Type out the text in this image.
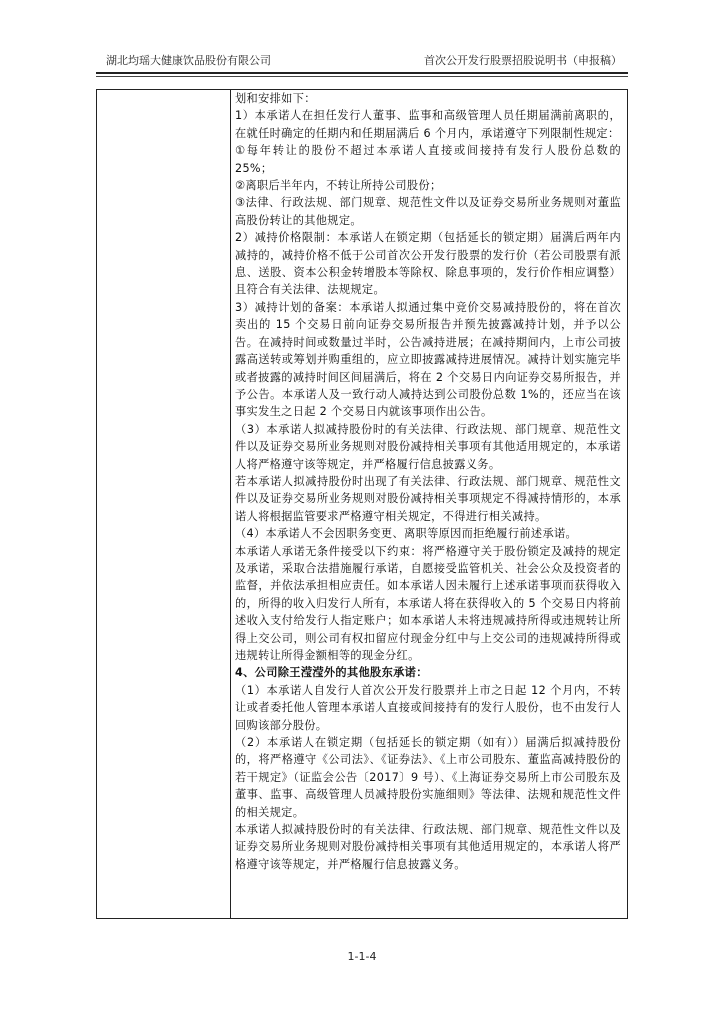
湖北均瑶大健康饮品股份有限公司	首次公开发行股票招股说明书（申报稿）

划和安排如下：

1）本承诺人在担任发行人董事、监事和高级管理人员任期届满前离职的，在就任时确定的任期内和任期届满后 6 个月内，承诺遵守下列限制性规定：

①每年转让的股份不超过本承诺人直接或间接持有发行人股份总数的 25%；

②离职后半年内，不转让所持公司股份；

③法律、行政法规、部门规章、规范性文件以及证券交易所业务规则对董监高股份转让的其他规定。

2）减持价格限制：本承诺人在锁定期（包括延长的锁定期）届满后两年内减持的，减持价格不低于公司首次公开发行股票的发行价（若公司股票有派息、送股、资本公积金转增股本等除权、除息事项的，发行价作相应调整）且符合有关法律、法规规定。

3）减持计划的备案：本承诺人拟通过集中竞价交易减持股份的，将在首次卖出的 15 个交易日前向证券交易所报告并预先披露减持计划，并予以公告。在减持时间或数量过半时，公告减持进展；在减持期间内，上市公司披露高送转或筹划并购重组的，应立即披露减持进展情况。减持计划实施完毕或者披露的减持时间区间届满后，将在 2 个交易日内向证券交易所报告，并予公告。本承诺人及一致行动人减持达到公司股份总数 1%的，还应当在该事实发生之日起 2 个交易日内就该事项作出公告。

（3）本承诺人拟减持股份时的有关法律、行政法规、部门规章、规范性文件以及证券交易所业务规则对股份减持相关事项有其他适用规定的，本承诺人将严格遵守该等规定，并严格履行信息披露义务。

若本承诺人拟减持股份时出现了有关法律、行政法规、部门规章、规范性文件以及证券交易所业务规则对股份减持相关事项规定不得减持情形的，本承诺人将根据监管要求严格遵守相关规定，不得进行相关减持。

（4）本承诺人不会因职务变更、离职等原因而拒绝履行前述承诺。

本承诺人承诺无条件接受以下约束：将严格遵守关于股份锁定及减持的规定及承诺，采取合法措施履行承诺，自愿接受监管机关、社会公众及投资者的监督，并依法承担相应责任。如本承诺人因未履行上述承诺事项而获得收入的，所得的收入归发行人所有，本承诺人将在获得收入的 5 个交易日内将前述收入支付给发行人指定账户；如本承诺人未将违规减持所得或违规转让所得上交公司，则公司有权扣留应付现金分红中与上交公司的违规减持所得或违规转让所得金额相等的现金分红。

4、公司除王滢滢外的其他股东承诺：

（1）本承诺人自发行人首次公开发行股票并上市之日起 12 个月内，不转让或者委托他人管理本承诺人直接或间接持有的发行人股份，也不由发行人回购该部分股份。

（2）本承诺人在锁定期（包括延长的锁定期（如有））届满后拟减持股份的，将严格遵守《公司法》、《证券法》、《上市公司股东、董监高减持股份的若干规定》（证监会公告〔2017〕9 号）、《上海证券交易所上市公司股东及董事、监事、高级管理人员减持股份实施细则》等法律、法规和规范性文件的相关规定。

本承诺人拟减持股份时的有关法律、行政法规、部门规章、规范性文件以及证券交易所业务规则对股份减持相关事项有其他适用规定的，本承诺人将严格遵守该等规定，并严格履行信息披露义务。

1-1-4
